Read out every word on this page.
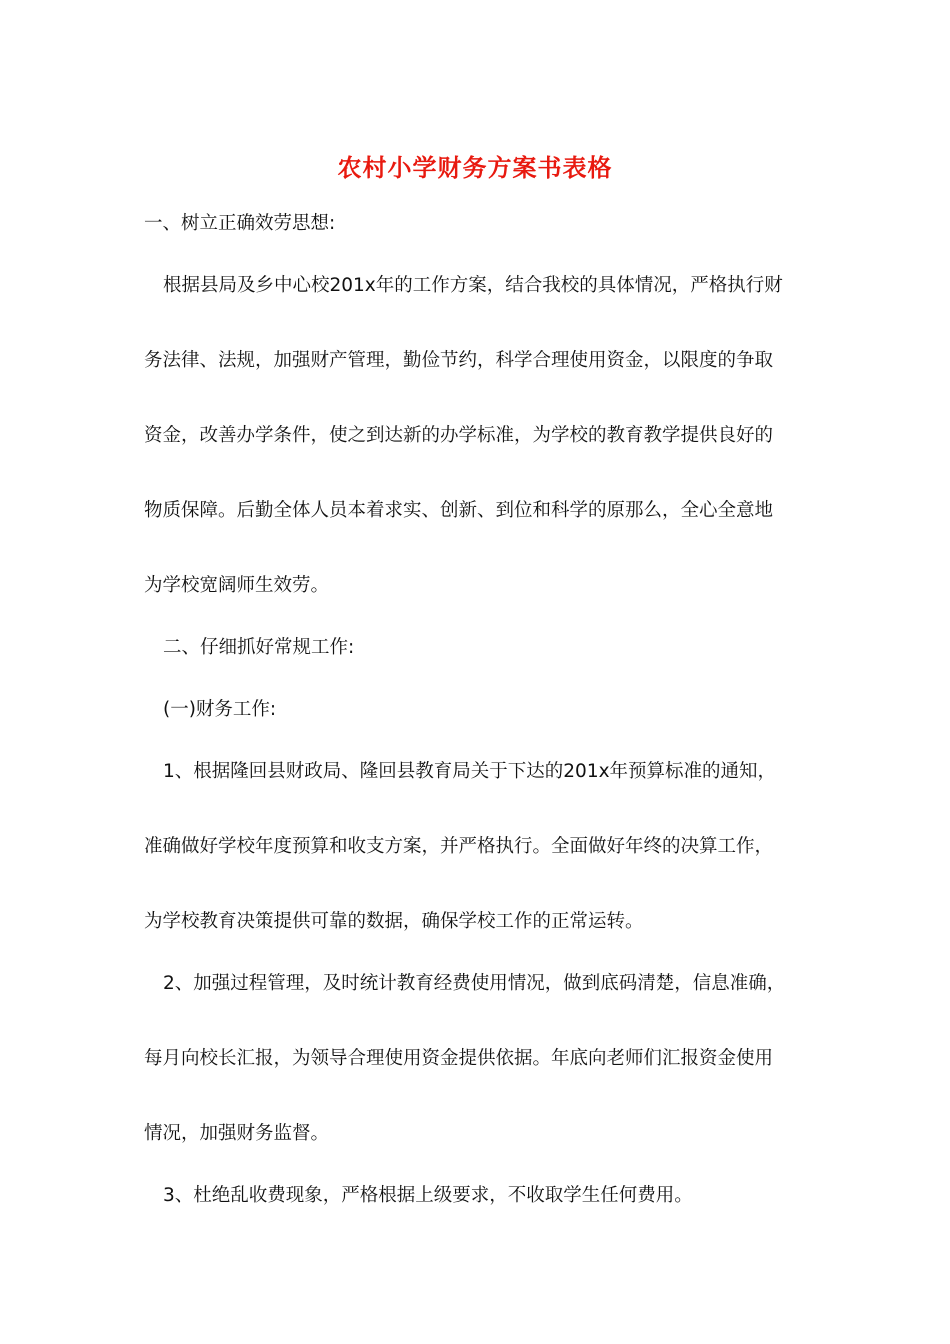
农村小学财务方案书表格
一、树立正确效劳思想:
根据县局及乡中心校201x年的工作方案，结合我校的具体情况，严格执行财
务法律、法规，加强财产管理，勤俭节约，科学合理使用资金，以限度的争取
资金，改善办学条件，使之到达新的办学标准，为学校的教育教学提供良好的
物质保障。后勤全体人员本着求实、创新、到位和科学的原那么，全心全意地
为学校宽阔师生效劳。
二、仔细抓好常规工作:
(一)财务工作:
1、根据隆回县财政局、隆回县教育局关于下达的201x年预算标准的通知，
准确做好学校年度预算和收支方案，并严格执行。全面做好年终的决算工作，
为学校教育决策提供可靠的数据，确保学校工作的正常运转。
2、加强过程管理，及时统计教育经费使用情况，做到底码清楚，信息准确，
每月向校长汇报，为领导合理使用资金提供依据。年底向老师们汇报资金使用
情况，加强财务监督。
3、杜绝乱收费现象，严格根据上级要求，不收取学生任何费用。
